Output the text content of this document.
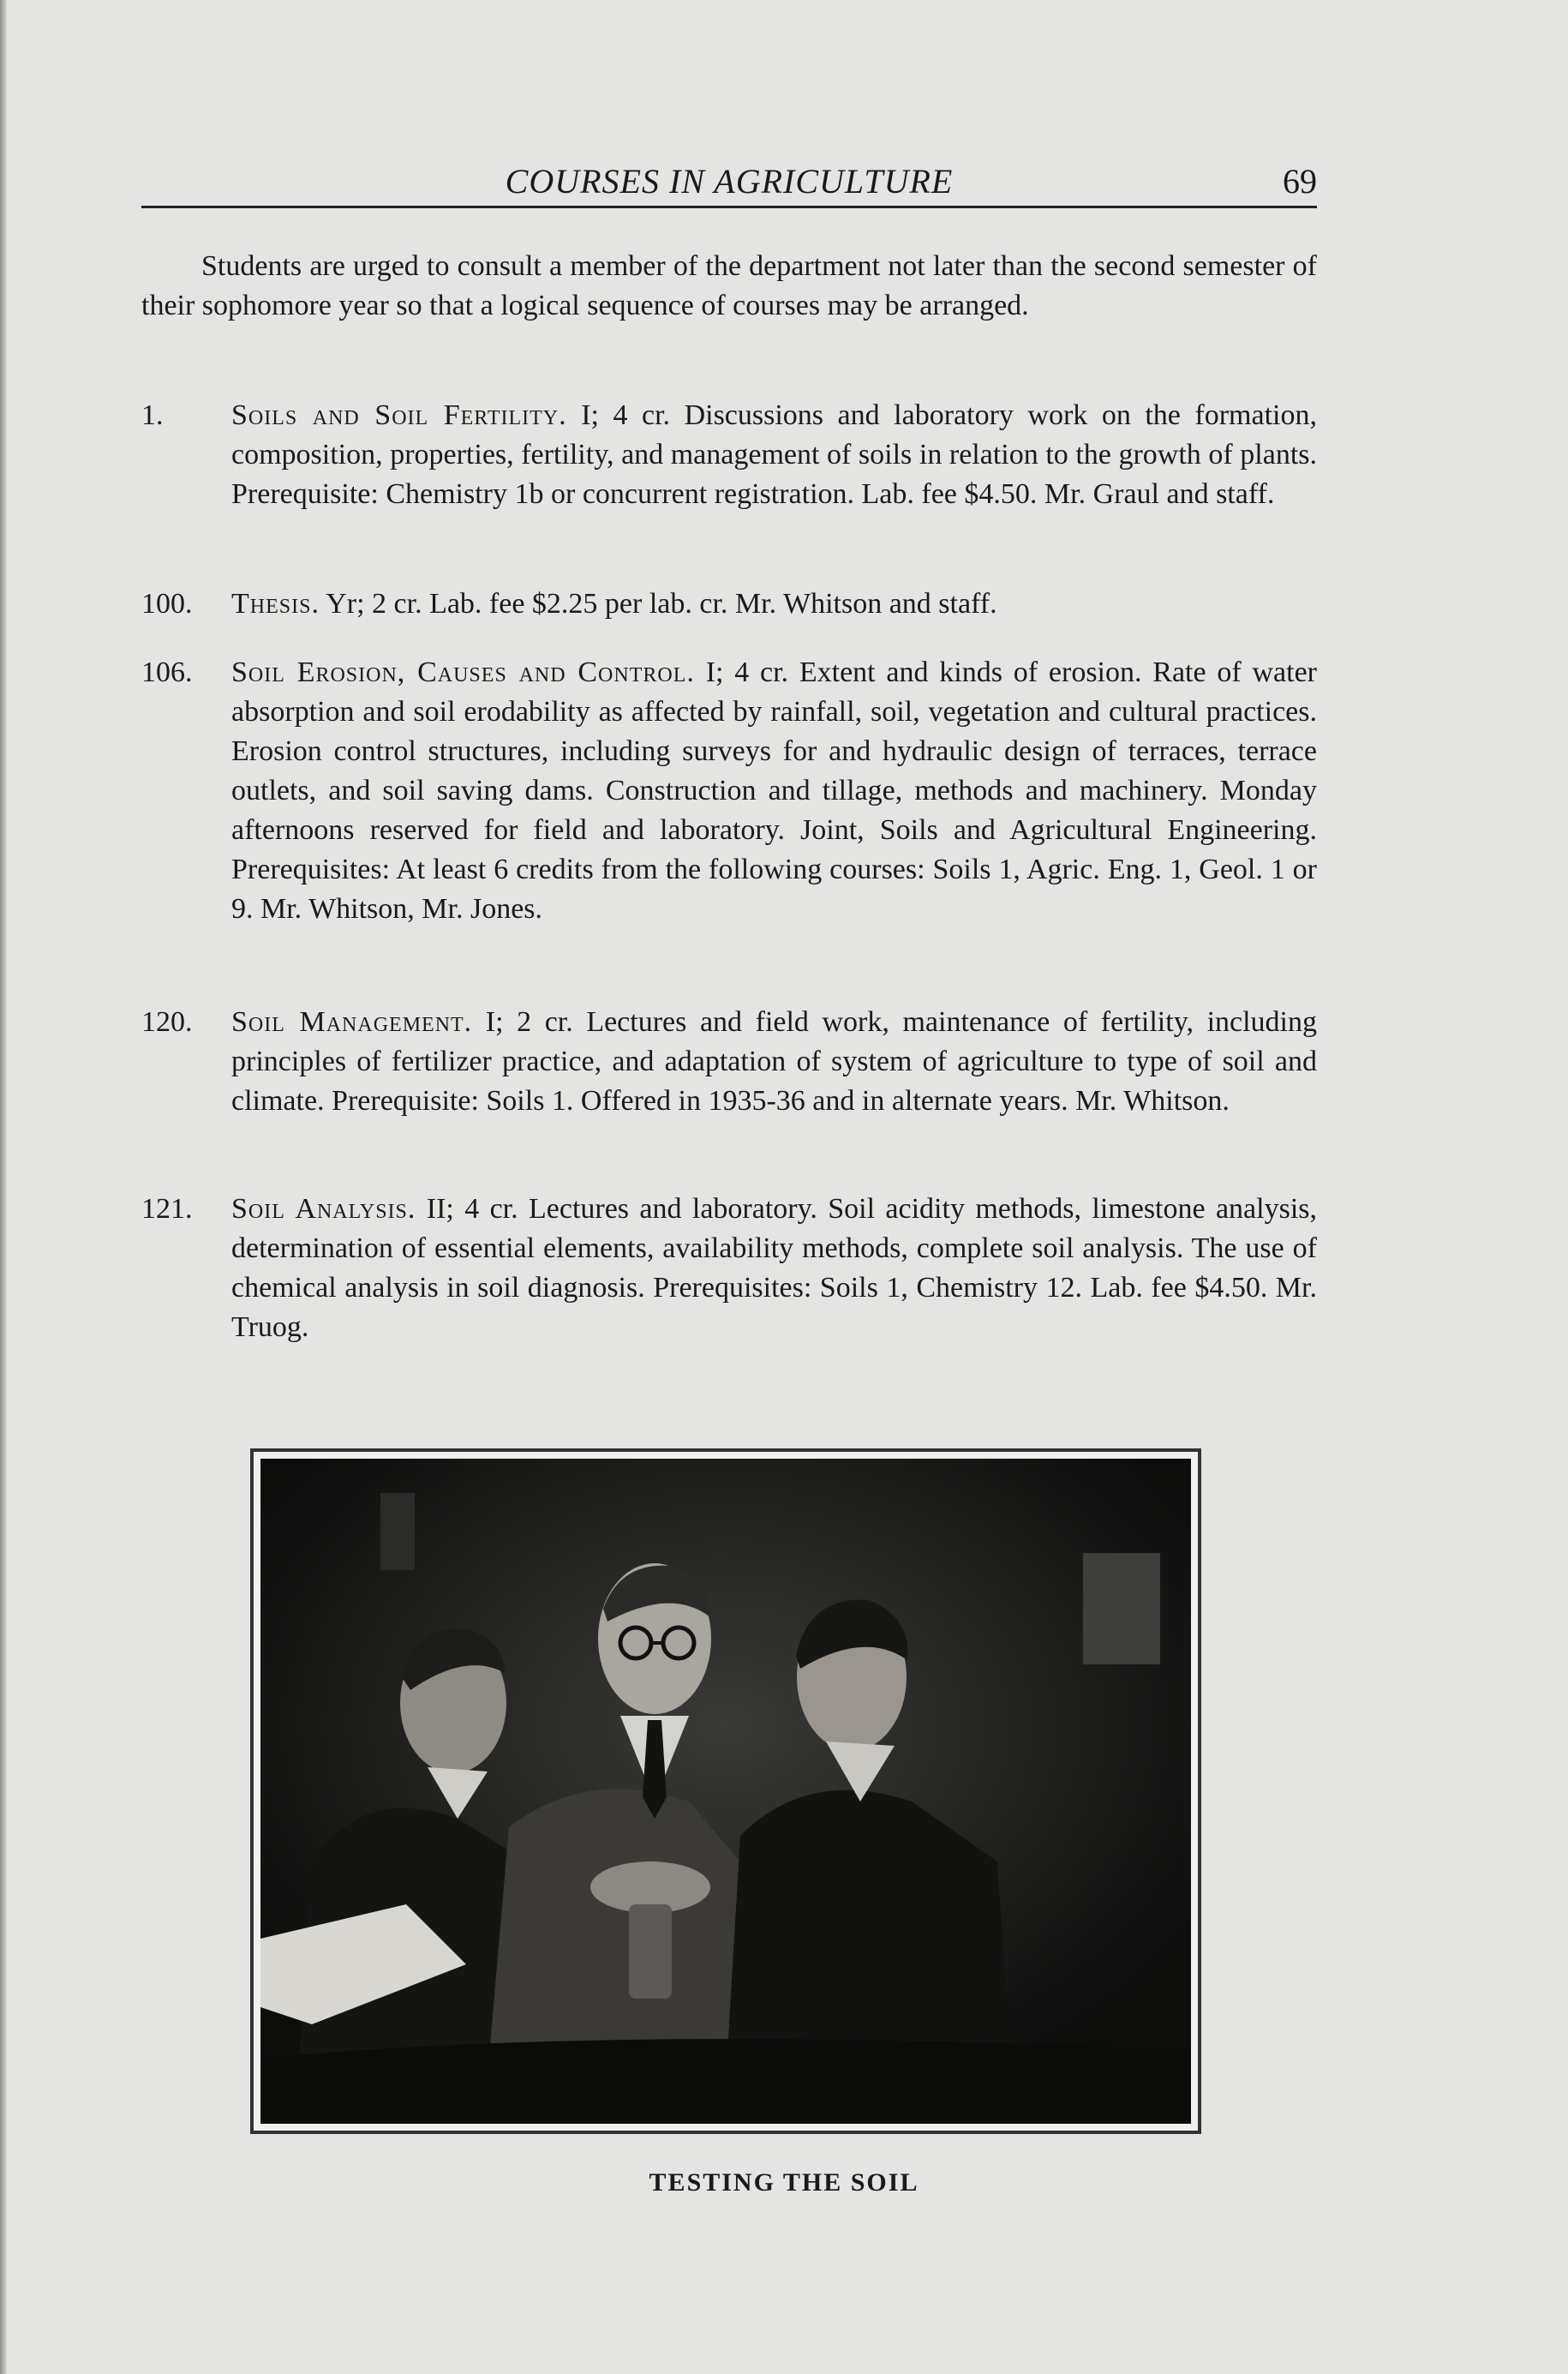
COURSES IN AGRICULTURE	69

Students are urged to consult a member of the department not later than the second semester of their sophomore year so that a logical sequence of courses may be arranged.

1. Soils and Soil Fertility. I; 4 cr. Discussions and laboratory work on the formation, composition, properties, fertility, and management of soils in relation to the growth of plants. Prerequisite: Chemistry 1b or concurrent registration. Lab. fee $4.50. Mr. Graul and staff.
100. Thesis. Yr; 2 cr. Lab. fee $2.25 per lab. cr. Mr. Whitson and staff.
106. Soil Erosion, Causes and Control. I; 4 cr. Extent and kinds of erosion. Rate of water absorption and soil erodability as affected by rainfall, soil, vegetation and cultural practices. Erosion control structures, including surveys for and hydraulic design of terraces, terrace outlets, and soil saving dams. Construction and tillage, methods and machinery. Monday afternoons reserved for field and laboratory. Joint, Soils and Agricultural Engineering. Prerequisites: At least 6 credits from the following courses: Soils 1, Agric. Eng. 1, Geol. 1 or 9. Mr. Whitson, Mr. Jones.
120. Soil Management. I; 2 cr. Lectures and field work, maintenance of fertility, including principles of fertilizer practice, and adaptation of system of agriculture to type of soil and climate. Prerequisite: Soils 1. Offered in 1935-36 and in alternate years. Mr. Whitson.
121. Soil Analysis. II; 4 cr. Lectures and laboratory. Soil acidity methods, limestone analysis, determination of essential elements, availability methods, complete soil analysis. The use of chemical analysis in soil diagnosis. Prerequisites: Soils 1, Chemistry 12. Lab. fee $4.50. Mr. Truog.
TESTING THE SOIL
